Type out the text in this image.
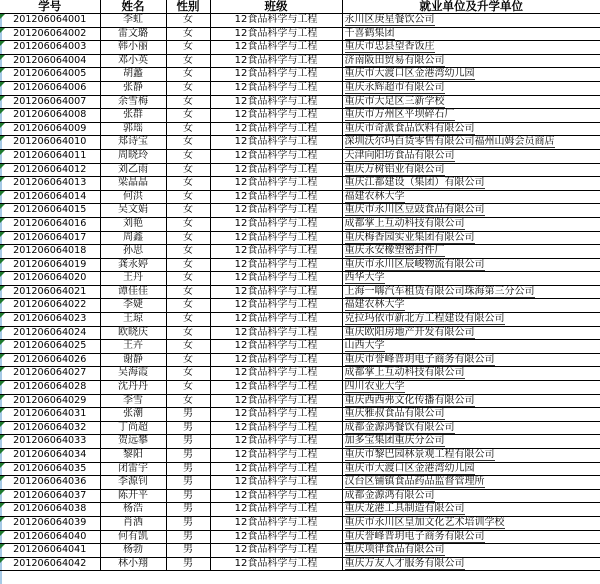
学号	姓名	性别	班级	就业单位及升学单位

201206064001	李虹	女	12食品科学与工程	永川区庚星餐饮公司

201206064002	雷文璐	女	12食品科学与工程	千喜鹤集团

201206064003	韩小丽	女	12食品科学与工程	重庆市忠县望香饭庄

201206064004	邓小英	女	12食品科学与工程	济南阪田贸易有限公司

201206064005	胡蠡	女	12食品科学与工程	重庆市大渡口区金港湾幼儿园

201206064006	张静	女	12食品科学与工程	重庆永辉超市有限公司

201206064007	余雪梅	女	12食品科学与工程	重庆市大足区三新学校

201206064008	张群	女	12食品科学与工程	重庆市万州区平坝碎石厂

201206064009	郭瑶	女	12食品科学与工程	重庆市奇派食品饮料有限公司

201206064010	郑诗宝	女	12食品科学与工程	深圳沃尔玛百货零售有限公司福州山姆会员商店

201206064011	周晓玲	女	12食品科学与工程	天津向阳坊食品有限公司

201206064012	刘乙雨	女	12食品科学与工程	重庆万树铝业有限公司

201206064013	梁晶晶	女	12食品科学与工程	重庆江都建设（集团）有限公司

201206064014	何洪	女	12食品科学与工程	福建农林大学

201206064015	吴文娟	女	12食品科学与工程	重庆市永川区豆豉食品有限公司

201206064016	刘艳	女	12食品科学与工程	成都掌上互动科技有限公司

201206064017	周鑫	女	12食品科学与工程	重庆梅香园实业集团有限公司

201206064018	孙思	女	12食品科学与工程	重庆永安橡塑密封件厂

201206064019	龚永婷	女	12食品科学与工程	重庆市永川区辰峻物流有限公司

201206064020	王丹	女	12食品科学与工程	西华大学

201206064021	谭佳佳	女	12食品科学与工程	上海一嗨汽车租赁有限公司珠海第三分公司

201206064022	李婕	女	12食品科学与工程	福建农林大学

201206064023	王琼	女	12食品科学与工程	克拉玛依市新北方工程建设有限公司

201206064024	欧晓庆	女	12食品科学与工程	重庆欧阳房地产开发有限公司

201206064025	王卉	女	12食品科学与工程	山西大学

201206064026	谢静	女	12食品科学与工程	重庆市誉峰晋玥电子商务有限公司

201206064027	吴海霞	女	12食品科学与工程	成都掌上互动科技有限公司

201206064028	沈丹丹	女	12食品科学与工程	四川农业大学

201206064029	李雪	女	12食品科学与工程	重庆西西弗文化传播有限公司

201206064031	张潮	男	12食品科学与工程	重庆雅叔食品有限公司

201206064032	丁尚超	男	12食品科学与工程	成都金源鸿餐饮有限公司

201206064033	贺远攀	男	12食品科学与工程	加多宝集团重庆分公司

201206064034	黎阳	男	12食品科学与工程	重庆市黎巴园林景观工程有限公司

201206064035	闭雷宇	男	12食品科学与工程	重庆市大渡口区金港湾幼儿园

201206064036	李源钊	男	12食品科学与工程	汉台区铺镇食品药品监督管理所

201206064037	陈开平	男	12食品科学与工程	成都金源鸿有限公司

201206064038	杨浩	男	12食品科学与工程	重庆龙港工具制造有限公司

201206064039	肖洒	男	12食品科学与工程	重庆市永川区皇加文化艺术培训学校

201206064040	何有凯	男	12食品科学与工程	重庆誉峰晋玥电子商务有限公司

201206064041	杨勃	男	12食品科学与工程	重庆项律食品有限公司

201206064042	林小翔	男	12食品科学与工程	重庆万友人才服务有限公司
